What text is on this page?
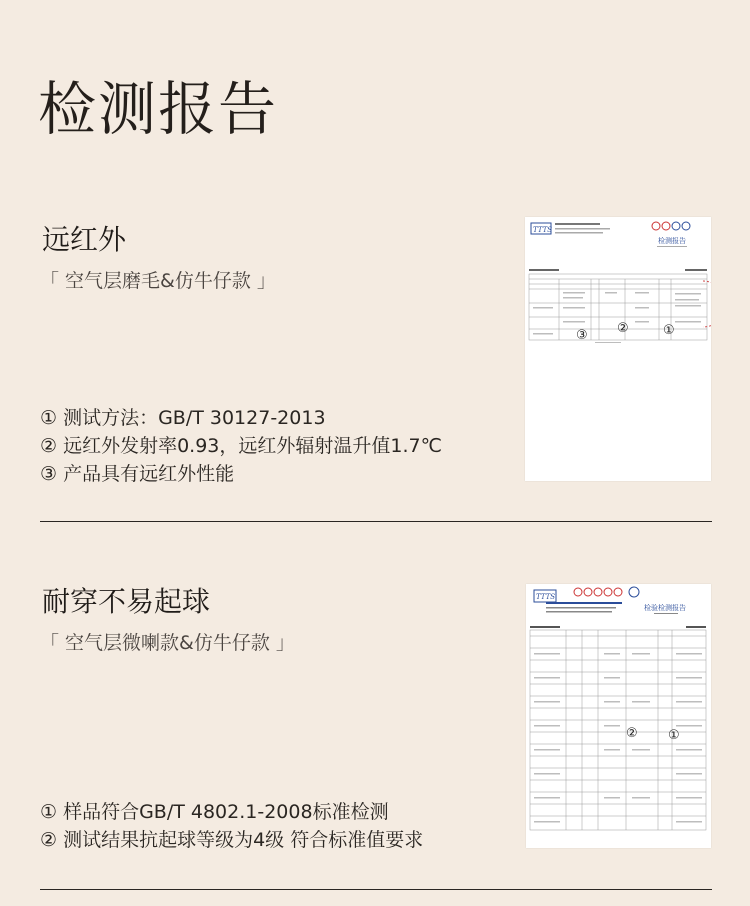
检测报告
远红外
「 空气层磨毛&仿牛仔款 」
① 测试方法：GB/T 30127-2013
② 远红外发射率0.93，远红外辐射温升值1.7℃
③ 产品具有远红外性能
TTTS
检测报告
①
②
③
耐穿不易起球
「 空气层微喇款&仿牛仔款 」
① 样品符合GB/T 4802.1-2008标准检测
② 测试结果抗起球等级为4级 符合标准值要求
TTTS
检验检测报告
①
②
